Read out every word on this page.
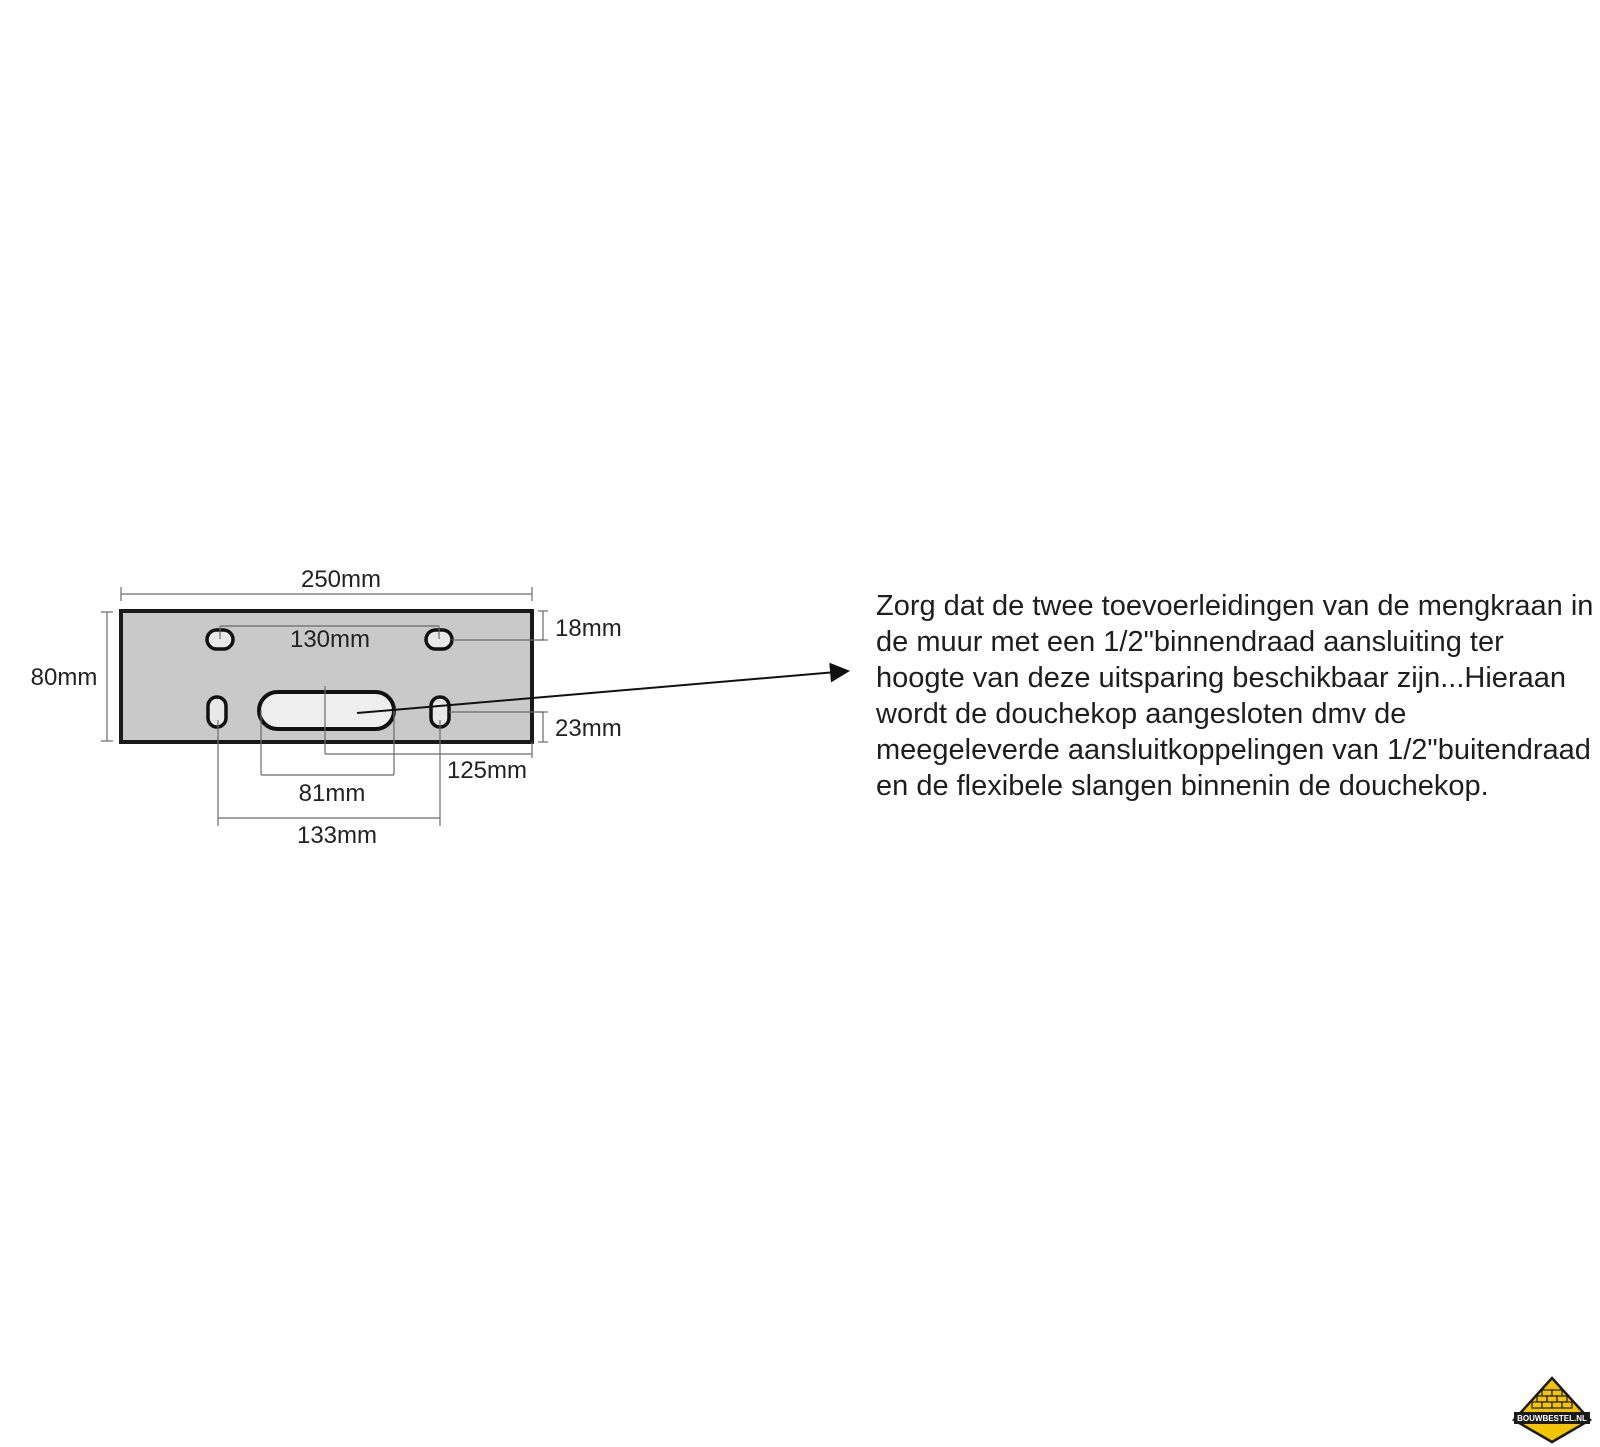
250mm
80mm
130mm	18mm
23mm
125mm
81mm
133mm

Zorg dat de twee toevoerleidingen van de mengkraan in de muur met een 1/2"binnendraad aansluiting ter hoogte van deze uitsparing beschikbaar zijn...Hieraan wordt de douchekop aangesloten dmv de meegeleverde aansluitkoppelingen van 1/2"buitendraad en de flexibele slangen binnenin de douchekop.

BOUWBESTEL.NL
